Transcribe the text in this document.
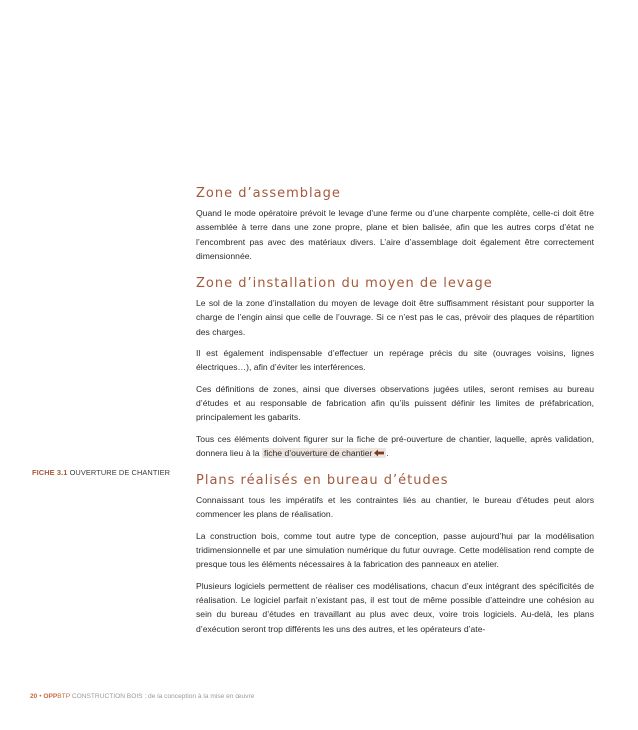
Zone d’assemblage

Quand le mode opératoire prévoit le levage d’une ferme ou d’une charpente complète, celle-ci doit être assemblée à terre dans une zone propre, plane et bien balisée, afin que les autres corps d’état ne l’encombrent pas avec des matériaux divers. L’aire d’assemblage doit également être correctement dimensionnée.

Zone d’installation du moyen de levage

Le sol de la zone d’installation du moyen de levage doit être suffisamment résistant pour supporter la charge de l’engin ainsi que celle de l’ouvrage. Si ce n’est pas le cas, prévoir des plaques de répartition des charges.

Il est également indispensable d’effectuer un repérage précis du site (ouvrages voisins, lignes électriques…), afin d’éviter les interférences.

Ces définitions de zones, ainsi que diverses observations jugées utiles, seront remises au bureau d’études et au responsable de fabrication afin qu’ils puissent définir les limites de préfabrication, principalement les gabarits.

Tous ces éléments doivent figurer sur la fiche de pré-ouverture de chantier, laquelle, après validation, donnera lieu à la fiche d’ouverture de chantier .

Plans réalisés en bureau d’études

Connaissant tous les impératifs et les contraintes liés au chantier, le bureau d’études peut alors commencer les plans de réalisation.

La construction bois, comme tout autre type de conception, passe aujourd’hui par la modélisation tridimensionnelle et par une simulation numérique du futur ouvrage. Cette modélisation rend compte de presque tous les éléments nécessaires à la fabrication des panneaux en atelier.

Plusieurs logiciels permettent de réaliser ces modélisations, chacun d’eux intégrant des spécificités de réalisation. Le logiciel parfait n’existant pas, il est tout de même possible d’atteindre une cohésion au sein du bureau d’études en travaillant au plus avec deux, voire trois logiciels. Au-delà, les plans d’exécution seront trop différents les uns des autres, et les opérateurs d’ate-

FICHE 3.1 OUVERTURE DE CHANTIER
20 • OPPBTP CONSTRUCTION BOIS : de la conception à la mise en œuvre
